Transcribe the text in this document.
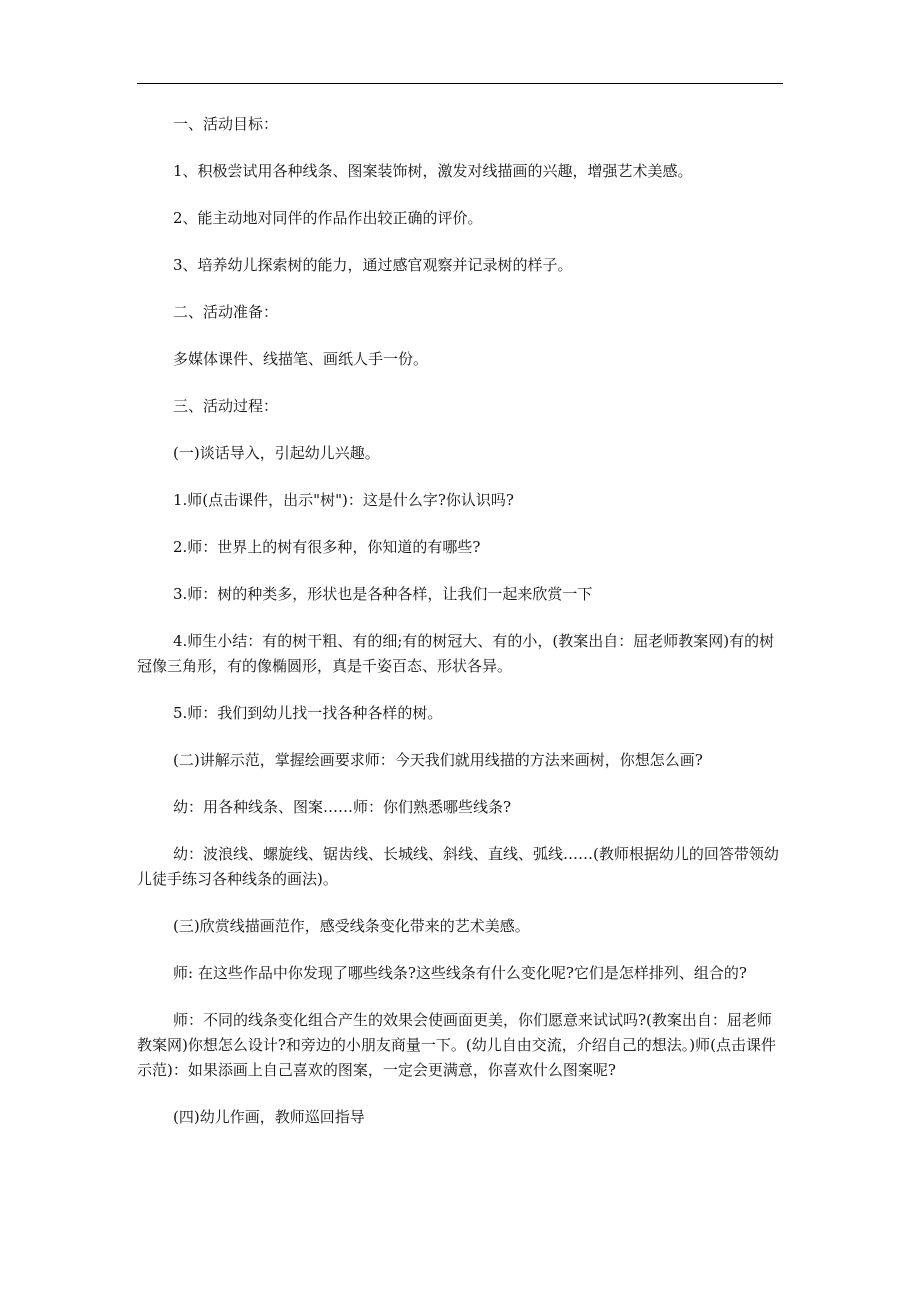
一、活动目标：

1、积极尝试用各种线条、图案装饰树，激发对线描画的兴趣，增强艺术美感。

2、能主动地对同伴的作品作出较正确的评价。

3、培养幼儿探索树的能力，通过感官观察并记录树的样子。

二、活动准备：

多媒体课件、线描笔、画纸人手一份。

三、活动过程：

(一)谈话导入，引起幼儿兴趣。

1.师(点击课件，出示"树")：这是什么字?你认识吗?

2.师：世界上的树有很多种，你知道的有哪些?

3.师：树的种类多，形状也是各种各样，让我们一起来欣赏一下

4.师生小结：有的树干粗、有的细;有的树冠大、有的小，(教案出自：屈老师教案网)有的树冠像三角形，有的像椭圆形，真是千姿百态、形状各异。

5.师：我们到幼儿找一找各种各样的树。

(二)讲解示范，掌握绘画要求师：今天我们就用线描的方法来画树，你想怎么画?

幼：用各种线条、图案……师：你们熟悉哪些线条?

幼：波浪线、螺旋线、锯齿线、长城线、斜线、直线、弧线……(教师根据幼儿的回答带领幼儿徒手练习各种线条的画法)。

(三)欣赏线描画范作，感受线条变化带来的艺术美感。

师: 在这些作品中你发现了哪些线条?这些线条有什么变化呢?它们是怎样排列、组合的?

师：不同的线条变化组合产生的效果会使画面更美，你们愿意来试试吗?(教案出自：屈老师教案网)你想怎么设计?和旁边的小朋友商量一下。(幼儿自由交流，介绍自己的想法。)师(点击课件示范)：如果添画上自己喜欢的图案，一定会更满意，你喜欢什么图案呢?

(四)幼儿作画，教师巡回指导
